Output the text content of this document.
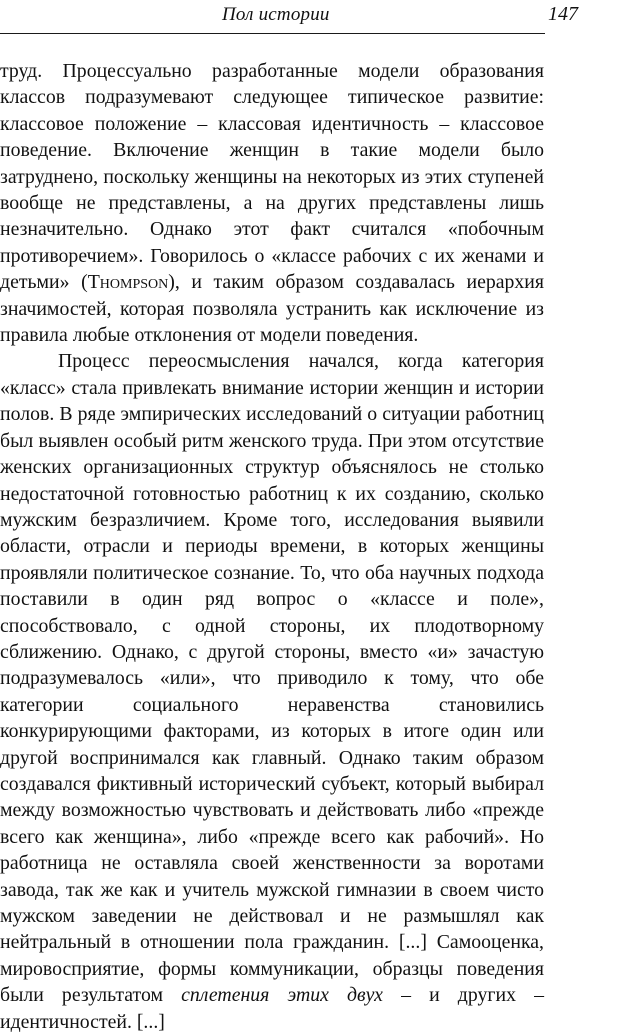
Пол истории	147

труд. Процессуально разработанные модели образования классов подразумевают следующее типическое развитие: классовое положение – классовая идентичность – классовое поведение. Включение женщин в такие модели было затруднено, поскольку женщины на некоторых из этих ступеней вообще не представлены, а на других представлены лишь незначительно. Однако этот факт считался «побочным противоречием». Говорилось о «классе рабочих с их женами и детьми» (Thompson), и таким образом создавалась иерархия значимостей, которая позволяла устранить как исключение из правила любые отклонения от модели поведения.

Процесс переосмысления начался, когда категория «класс» стала привлекать внимание истории женщин и истории полов. В ряде эмпирических исследований о ситуации работниц был выявлен особый ритм женского труда. При этом отсутствие женских организационных структур объяснялось не столько недостаточной готовностью работниц к их созданию, сколько мужским безразличием. Кроме того, исследования выявили области, отрасли и периоды времени, в которых женщины проявляли политическое сознание. То, что оба научных подхода поставили в один ряд вопрос о «классе и поле», способствовало, с одной стороны, их плодотворному сближению. Однако, с другой стороны, вместо «и» зачастую подразумевалось «или», что приводило к тому, что обе категории социального неравенства становились конкурирующими факторами, из которых в итоге один или другой воспринимался как главный. Однако таким образом создавался фиктивный исторический субъект, который выбирал между возможностью чувствовать и действовать либо «прежде всего как женщина», либо «прежде всего как рабочий». Но работница не оставляла своей женственности за воротами завода, так же как и учитель мужской гимназии в своем чисто мужском заведении не действовал и не размышлял как нейтральный в отношении пола гражданин. [...] Самооценка, мировосприятие, формы коммуникации, образцы поведения были результатом сплетения этих двух – и других – идентичностей. [...]
